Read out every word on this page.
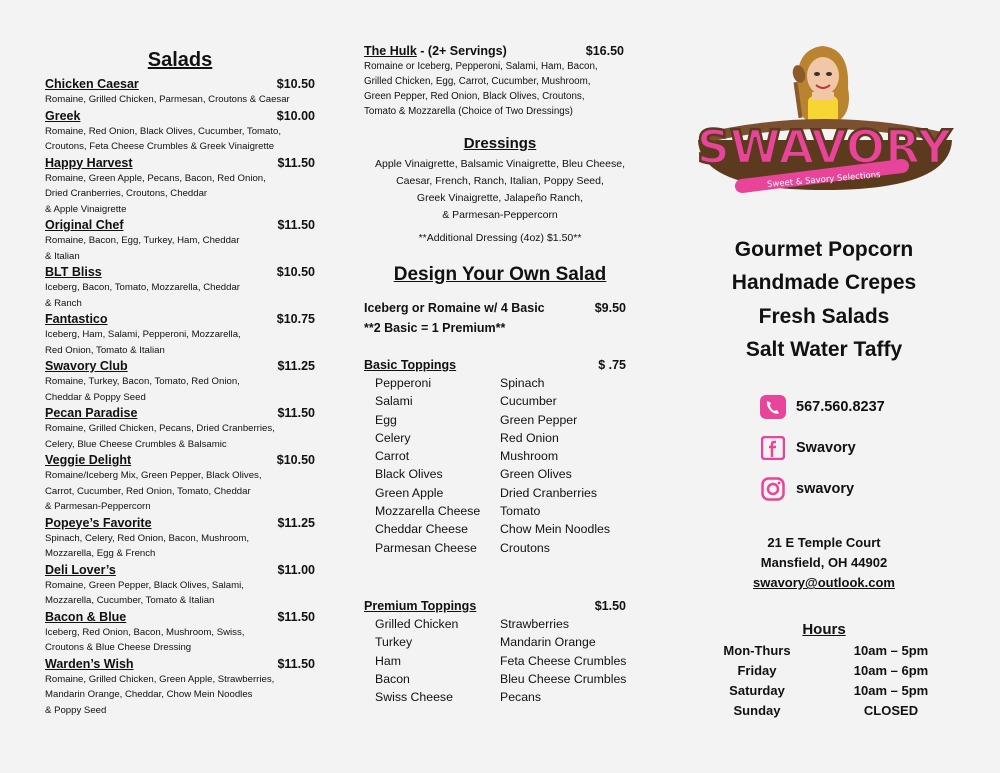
Salads
Chicken Caesar	$10.50
Romaine, Grilled Chicken, Parmesan, Croutons & Caesar
Greek	$10.00
Romaine, Red Onion, Black Olives, Cucumber, Tomato,
Croutons, Feta Cheese Crumbles & Greek Vinaigrette
Happy Harvest	$11.50
Romaine, Green Apple, Pecans, Bacon, Red Onion,
Dried Cranberries, Croutons, Cheddar
& Apple Vinaigrette
Original Chef	$11.50
Romaine, Bacon, Egg, Turkey, Ham, Cheddar
& Italian
BLT Bliss	$10.50
Iceberg, Bacon, Tomato, Mozzarella, Cheddar
& Ranch
Fantastico	$10.75
Iceberg, Ham, Salami, Pepperoni, Mozzarella,
Red Onion, Tomato & Italian
Swavory Club	$11.25
Romaine, Turkey, Bacon, Tomato, Red Onion,
Cheddar & Poppy Seed
Pecan Paradise	$11.50
Romaine, Grilled Chicken, Pecans, Dried Cranberries,
Celery, Blue Cheese Crumbles & Balsamic
Veggie Delight	$10.50
Romaine/Iceberg Mix, Green Pepper, Black Olives,
Carrot, Cucumber, Red Onion, Tomato, Cheddar
& Parmesan-Peppercorn
Popeye’s Favorite	$11.25
Spinach, Celery, Red Onion, Bacon, Mushroom,
Mozzarella, Egg & French
Deli Lover’s	$11.00
Romaine, Green Pepper, Black Olives, Salami,
Mozzarella, Cucumber, Tomato & Italian
Bacon & Blue	$11.50
Iceberg, Red Onion, Bacon, Mushroom, Swiss,
Croutons & Blue Cheese Dressing
Warden’s Wish	$11.50
Romaine, Grilled Chicken, Green Apple, Strawberries,
Mandarin Orange, Cheddar, Chow Mein Noodles
& Poppy Seed
The Hulk - (2+ Servings)	$16.50
Romaine or Iceberg, Pepperoni, Salami, Ham, Bacon,
Grilled Chicken, Egg, Carrot, Cucumber, Mushroom,
Green Pepper, Red Onion, Black Olives, Croutons,
Tomato & Mozzarella (Choice of Two Dressings)
Dressings
Apple Vinaigrette, Balsamic Vinaigrette, Bleu Cheese,
Caesar, French, Ranch, Italian, Poppy Seed,
Greek Vinaigrette, Jalapeño Ranch,
& Parmesan-Peppercorn
**Additional Dressing (4oz) $1.50**
Design Your Own Salad
Iceberg or Romaine w/ 4 Basic	$9.50
**2 Basic = 1 Premium**
Basic Toppings	$ .75
Pepperoni	Spinach
Salami	Cucumber
Egg	Green Pepper
Celery	Red Onion
Carrot	Mushroom
Black Olives	Green Olives
Green Apple	Dried Cranberries
Mozzarella Cheese	Tomato
Cheddar Cheese	Chow Mein Noodles
Parmesan Cheese	Croutons
Premium Toppings	$1.50
Grilled Chicken	Strawberries
Turkey	Mandarin Orange
Ham	Feta Cheese Crumbles
Bacon	Bleu Cheese Crumbles
Swiss Cheese	Pecans
SWAVORY
Sweet & Savory Selections
Gourmet Popcorn
Handmade Crepes
Fresh Salads
Salt Water Taffy
567.560.8237
Swavory
swavory
21 E Temple Court
Mansfield, OH 44902
swavory@outlook.com
Hours
Mon-Thurs	10am – 5pm
Friday	10am – 6pm
Saturday	10am – 5pm
Sunday	CLOSED
